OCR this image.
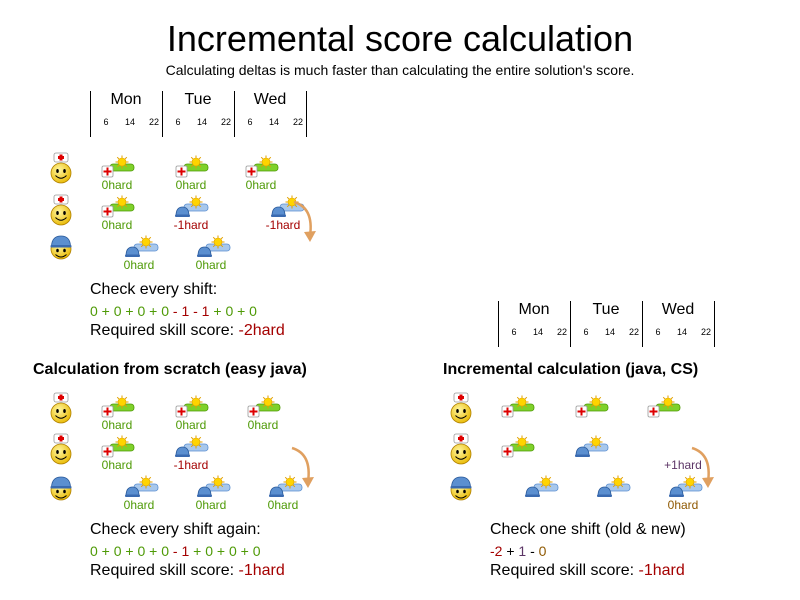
Incremental score calculation
Calculating deltas is much faster than calculating the entire solution's score.
Mon	Tue	Wed
6	14	22	6	14	22	6	14	22
Mon	Tue	Wed
6	14	22	6	14	22	6	14	22
0hard	0hard	0hard
0hard	-1hard	-1hard
0hard	0hard
Check every shift:
0 + 0 + 0 + 0 - 1 - 1 + 0 + 0
Required skill score: -2hard
Calculation from scratch (easy java)
0hard	0hard	0hard
0hard	-1hard
0hard	0hard	0hard
Check every shift again:
0 + 0 + 0 + 0 - 1 + 0 + 0 + 0
Required skill score: -1hard
Incremental calculation (java, CS)
+1hard
0hard
Check one shift (old & new)
-2 + 1 - 0
Required skill score: -1hard
